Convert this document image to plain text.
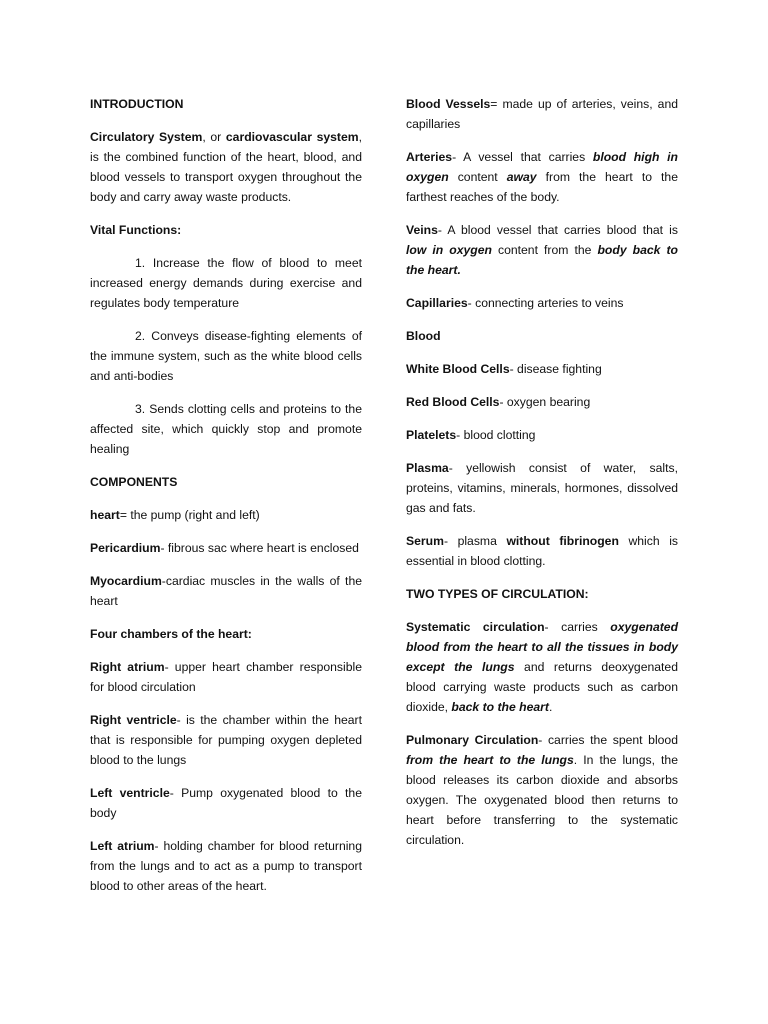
INTRODUCTION

Circulatory System, or cardiovascular system, is the combined function of the heart, blood, and blood vessels to transport oxygen throughout the body and carry away waste products.

Vital Functions:

1. Increase the flow of blood to meet increased energy demands during exercise and regulates body temperature

2. Conveys disease-fighting elements of the immune system, such as the white blood cells and anti-bodies

3. Sends clotting cells and proteins to the affected site, which quickly stop and promote healing

COMPONENTS

heart= the pump (right and left)

Pericardium- fibrous sac where heart is enclosed

Myocardium-cardiac muscles in the walls of the heart

Four chambers of the heart:

Right atrium- upper heart chamber responsible for blood circulation

Right ventricle- is the chamber within the heart that is responsible for pumping oxygen depleted blood to the lungs

Left ventricle- Pump oxygenated blood to the body

Left atrium- holding chamber for blood returning from the lungs and to act as a pump to transport blood to other areas of the heart.

Blood Vessels= made up of arteries, veins, and capillaries

Arteries- A vessel that carries blood high in oxygen content away from the heart to the farthest reaches of the body.

Veins- A blood vessel that carries blood that is low in oxygen content from the body back to the heart.

Capillaries- connecting arteries to veins

Blood

White Blood Cells- disease fighting

Red Blood Cells- oxygen bearing

Platelets- blood clotting

Plasma- yellowish consist of water, salts, proteins, vitamins, minerals, hormones, dissolved gas and fats.

Serum- plasma without fibrinogen which is essential in blood clotting.

TWO TYPES OF CIRCULATION:

Systematic circulation- carries oxygenated blood from the heart to all the tissues in body except the lungs and returns deoxygenated blood carrying waste products such as carbon dioxide, back to the heart.

Pulmonary Circulation- carries the spent blood from the heart to the lungs. In the lungs, the blood releases its carbon dioxide and absorbs oxygen. The oxygenated blood then returns to heart before transferring to the systematic circulation.
